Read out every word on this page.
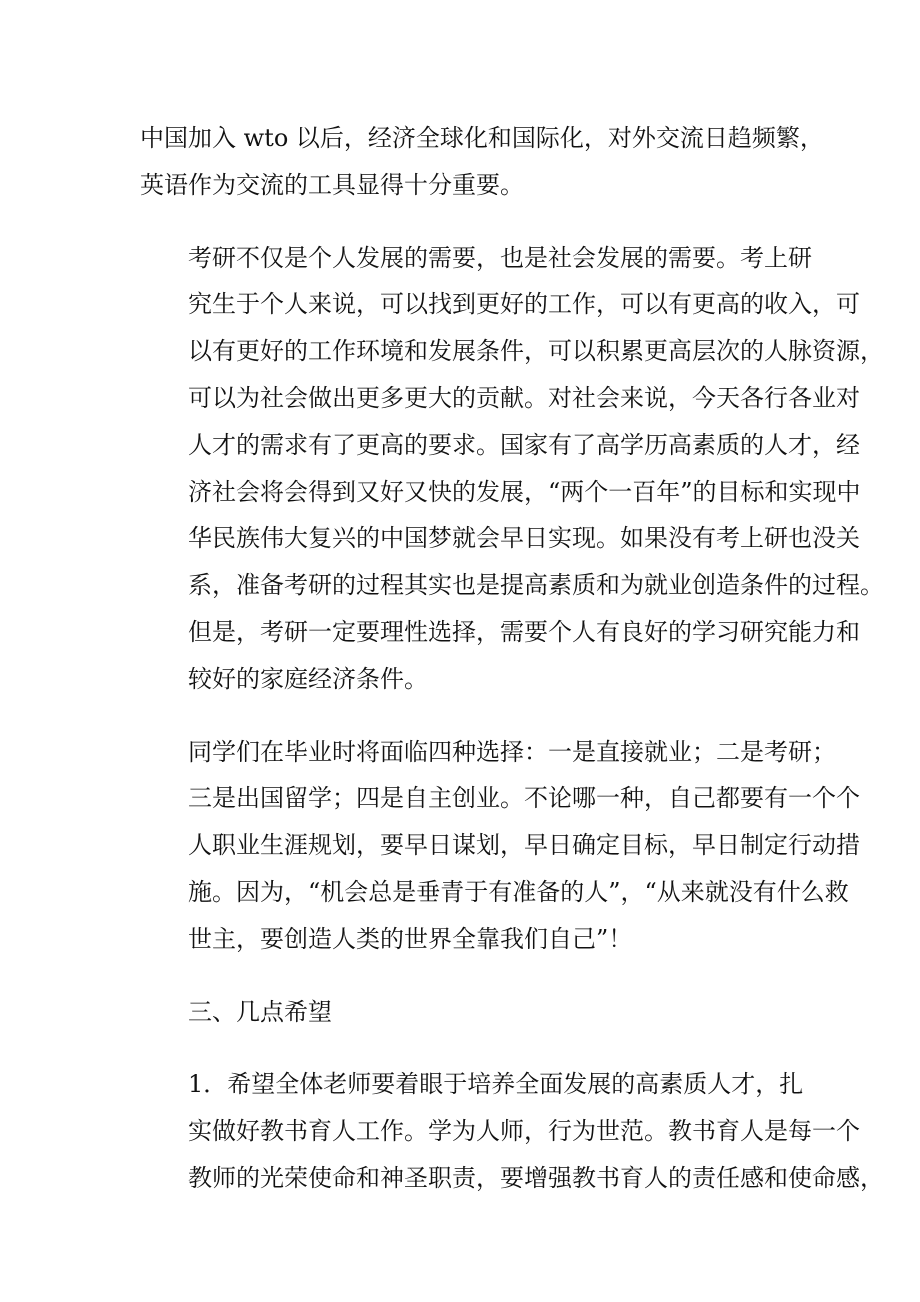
中国加入 wto 以后，经济全球化和国际化，对外交流日趋频繁，
英语作为交流的工具显得十分重要。

考研不仅是个人发展的需要，也是社会发展的需要。考上研
究生于个人来说，可以找到更好的工作，可以有更高的收入，可
以有更好的工作环境和发展条件，可以积累更高层次的人脉资源，
可以为社会做出更多更大的贡献。对社会来说，今天各行各业对
人才的需求有了更高的要求。国家有了高学历高素质的人才，经
济社会将会得到又好又快的发展，“两个一百年”的目标和实现中
华民族伟大复兴的中国梦就会早日实现。如果没有考上研也没关
系，准备考研的过程其实也是提高素质和为就业创造条件的过程。
但是，考研一定要理性选择，需要个人有良好的学习研究能力和
较好的家庭经济条件。

同学们在毕业时将面临四种选择：一是直接就业；二是考研；
三是出国留学；四是自主创业。不论哪一种，自己都要有一个个
人职业生涯规划，要早日谋划，早日确定目标，早日制定行动措
施。因为，“机会总是垂青于有准备的人”，“从来就没有什么救
世主，要创造人类的世界全靠我们自己”！

三、几点希望

1．希望全体老师要着眼于培养全面发展的高素质人才，扎
实做好教书育人工作。学为人师，行为世范。教书育人是每一个
教师的光荣使命和神圣职责，要增强教书育人的责任感和使命感，
